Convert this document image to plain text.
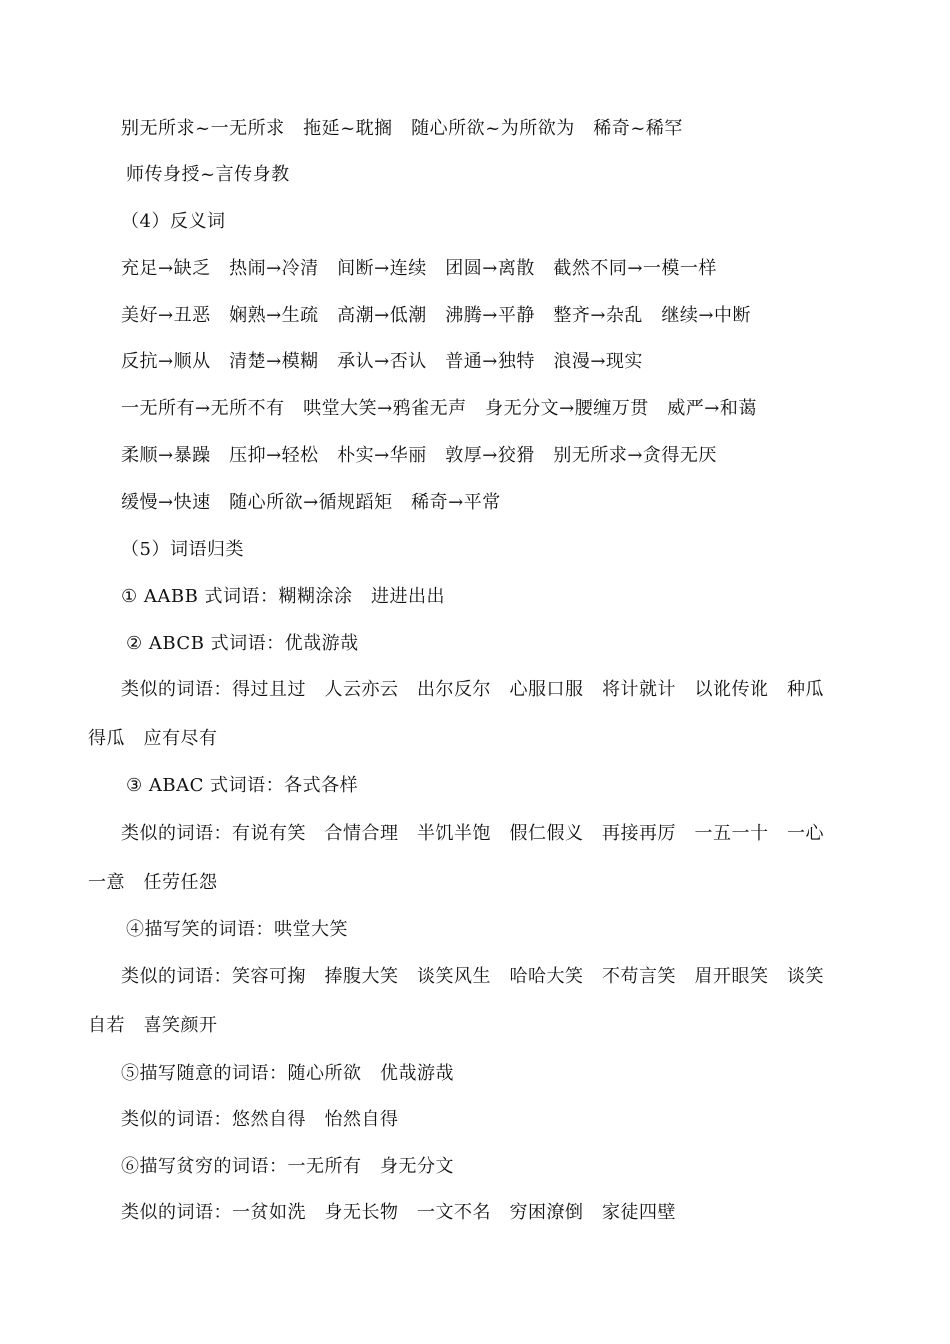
别无所求~一无所求　拖延~耽搁　随心所欲~为所欲为　稀奇~稀罕
师传身授~言传身教
（4）反义词
充足→缺乏　热闹→冷清　间断→连续　团圆→离散　截然不同→一模一样
美好→丑恶　娴熟→生疏　高潮→低潮　沸腾→平静　整齐→杂乱　继续→中断
反抗→顺从　清楚→模糊　承认→否认　普通→独特　浪漫→现实
一无所有→无所不有　哄堂大笑→鸦雀无声　身无分文→腰缠万贯　威严→和蔼
柔顺→暴躁　压抑→轻松　朴实→华丽　敦厚→狡猾　别无所求→贪得无厌
缓慢→快速　随心所欲→循规蹈矩　稀奇→平常
（5）词语归类
① AABB 式词语：糊糊涂涂　进进出出
② ABCB 式词语：优哉游哉
类似的词语：得过且过　人云亦云　出尔反尔　心服口服　将计就计　以讹传讹　种瓜
得瓜　应有尽有
③ ABAC 式词语：各式各样
类似的词语：有说有笑　合情合理　半饥半饱　假仁假义　再接再厉　一五一十　一心
一意　任劳任怨
④描写笑的词语：哄堂大笑
类似的词语：笑容可掬　捧腹大笑　谈笑风生　哈哈大笑　不苟言笑　眉开眼笑　谈笑
自若　喜笑颜开
⑤描写随意的词语：随心所欲　优哉游哉
类似的词语：悠然自得　怡然自得
⑥描写贫穷的词语：一无所有　身无分文
类似的词语：一贫如洗　身无长物　一文不名　穷困潦倒　家徒四壁
